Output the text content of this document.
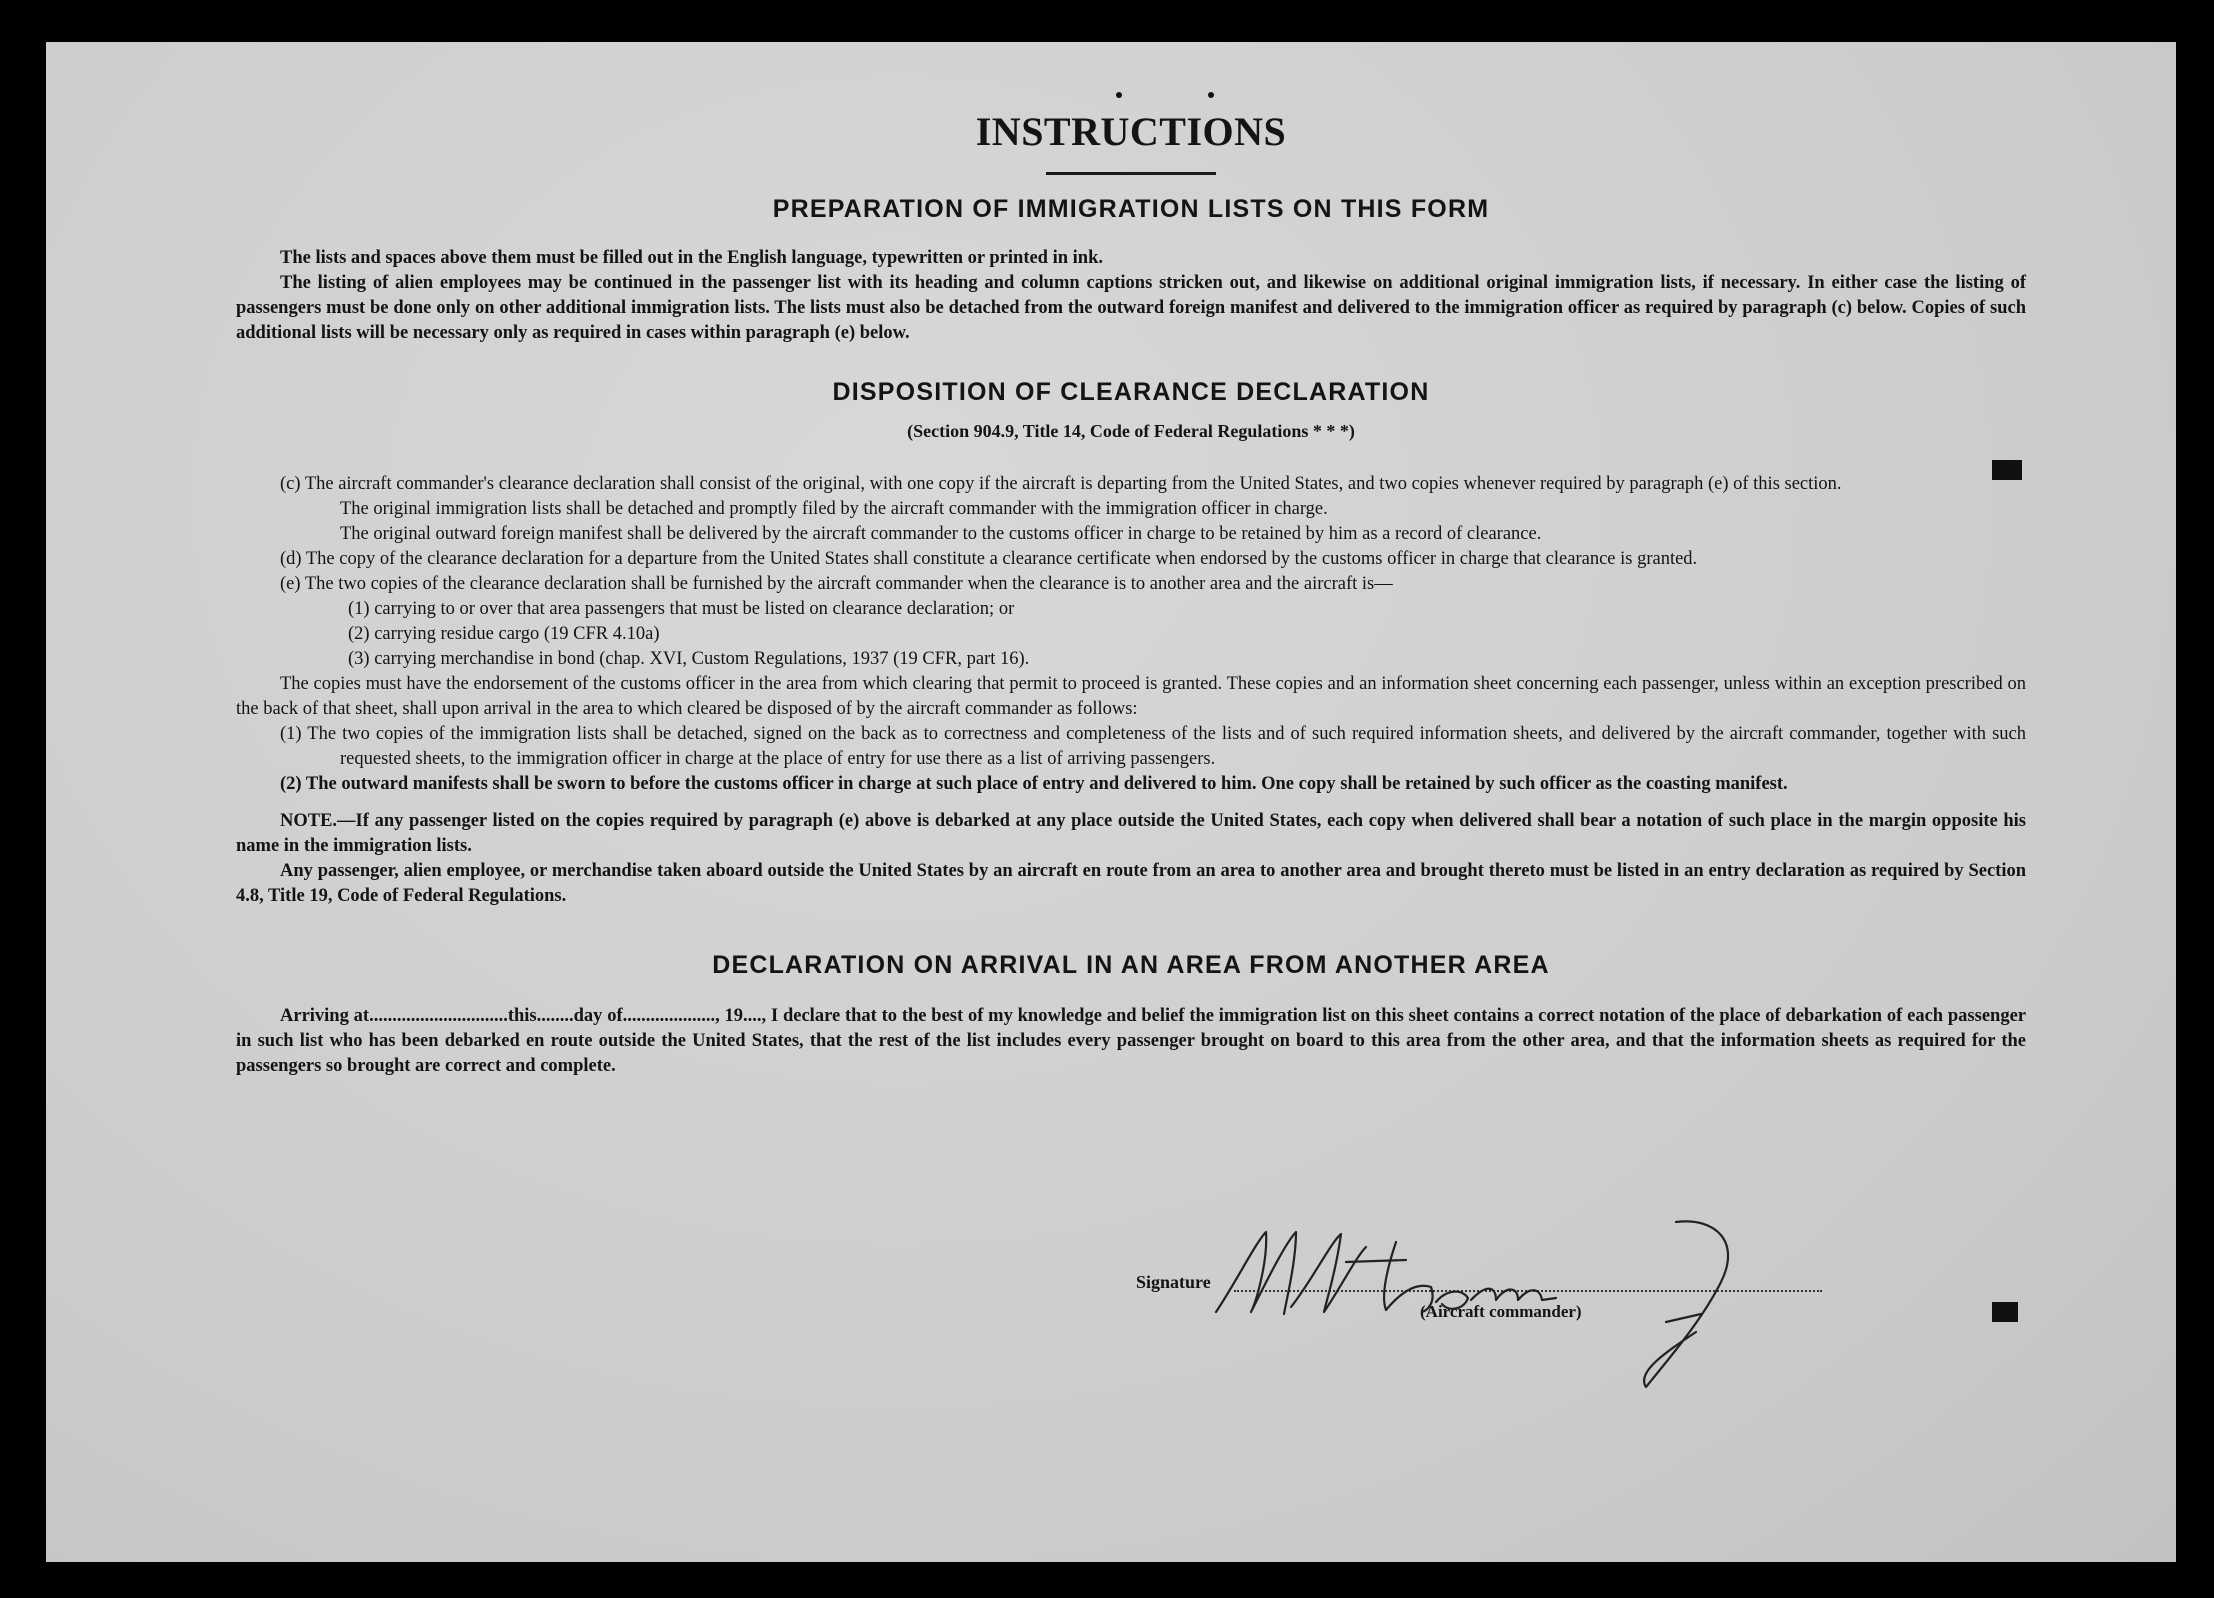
INSTRUCTIONS
PREPARATION OF IMMIGRATION LISTS ON THIS FORM

The lists and spaces above them must be filled out in the English language, typewritten or printed in ink.

The listing of alien employees may be continued in the passenger list with its heading and column captions stricken out, and likewise on additional original immigration lists, if necessary. In either case the listing of passengers must be done only on other additional immigration lists. The lists must also be detached from the outward foreign manifest and delivered to the immigration officer as required by paragraph (c) below. Copies of such additional lists will be necessary only as required in cases within paragraph (e) below.

DISPOSITION OF CLEARANCE DECLARATION
(Section 904.9, Title 14, Code of Federal Regulations * * *)

(c) The aircraft commander's clearance declaration shall consist of the original, with one copy if the aircraft is departing from the United States, and two copies whenever required by paragraph (e) of this section.

The original immigration lists shall be detached and promptly filed by the aircraft commander with the immigration officer in charge.

The original outward foreign manifest shall be delivered by the aircraft commander to the customs officer in charge to be retained by him as a record of clearance.

(d) The copy of the clearance declaration for a departure from the United States shall constitute a clearance certificate when endorsed by the customs officer in charge that clearance is granted.

(e) The two copies of the clearance declaration shall be furnished by the aircraft commander when the clearance is to another area and the aircraft is—

(1) carrying to or over that area passengers that must be listed on clearance declaration; or

(2) carrying residue cargo (19 CFR 4.10a)

(3) carrying merchandise in bond (chap. XVI, Custom Regulations, 1937 (19 CFR, part 16).

The copies must have the endorsement of the customs officer in the area from which clearing that permit to proceed is granted. These copies and an information sheet concerning each passenger, unless within an exception prescribed on the back of that sheet, shall upon arrival in the area to which cleared be disposed of by the aircraft commander as follows:

(1) The two copies of the immigration lists shall be detached, signed on the back as to correctness and completeness of the lists and of such required information sheets, and delivered by the aircraft commander, together with such requested sheets, to the immigration officer in charge at the place of entry for use there as a list of arriving passengers.

(2) The outward manifests shall be sworn to before the customs officer in charge at such place of entry and delivered to him. One copy shall be retained by such officer as the coasting manifest.

NOTE.—If any passenger listed on the copies required by paragraph (e) above is debarked at any place outside the United States, each copy when delivered shall bear a notation of such place in the margin opposite his name in the immigration lists.

Any passenger, alien employee, or merchandise taken aboard outside the United States by an aircraft en route from an area to another area and brought thereto must be listed in an entry declaration as required by Section 4.8, Title 19, Code of Federal Regulations.

DECLARATION ON ARRIVAL IN AN AREA FROM ANOTHER AREA

Arriving at..............................this........day of...................., 19...., I declare that to the best of my knowledge and belief the immigration list on this sheet contains a correct notation of the place of debarkation of each passenger in such list who has been debarked en route outside the United States, that the rest of the list includes every passenger brought on board to this area from the other area, and that the information sheets as required for the passengers so brought are correct and complete.

Signature
(Aircraft commander)
